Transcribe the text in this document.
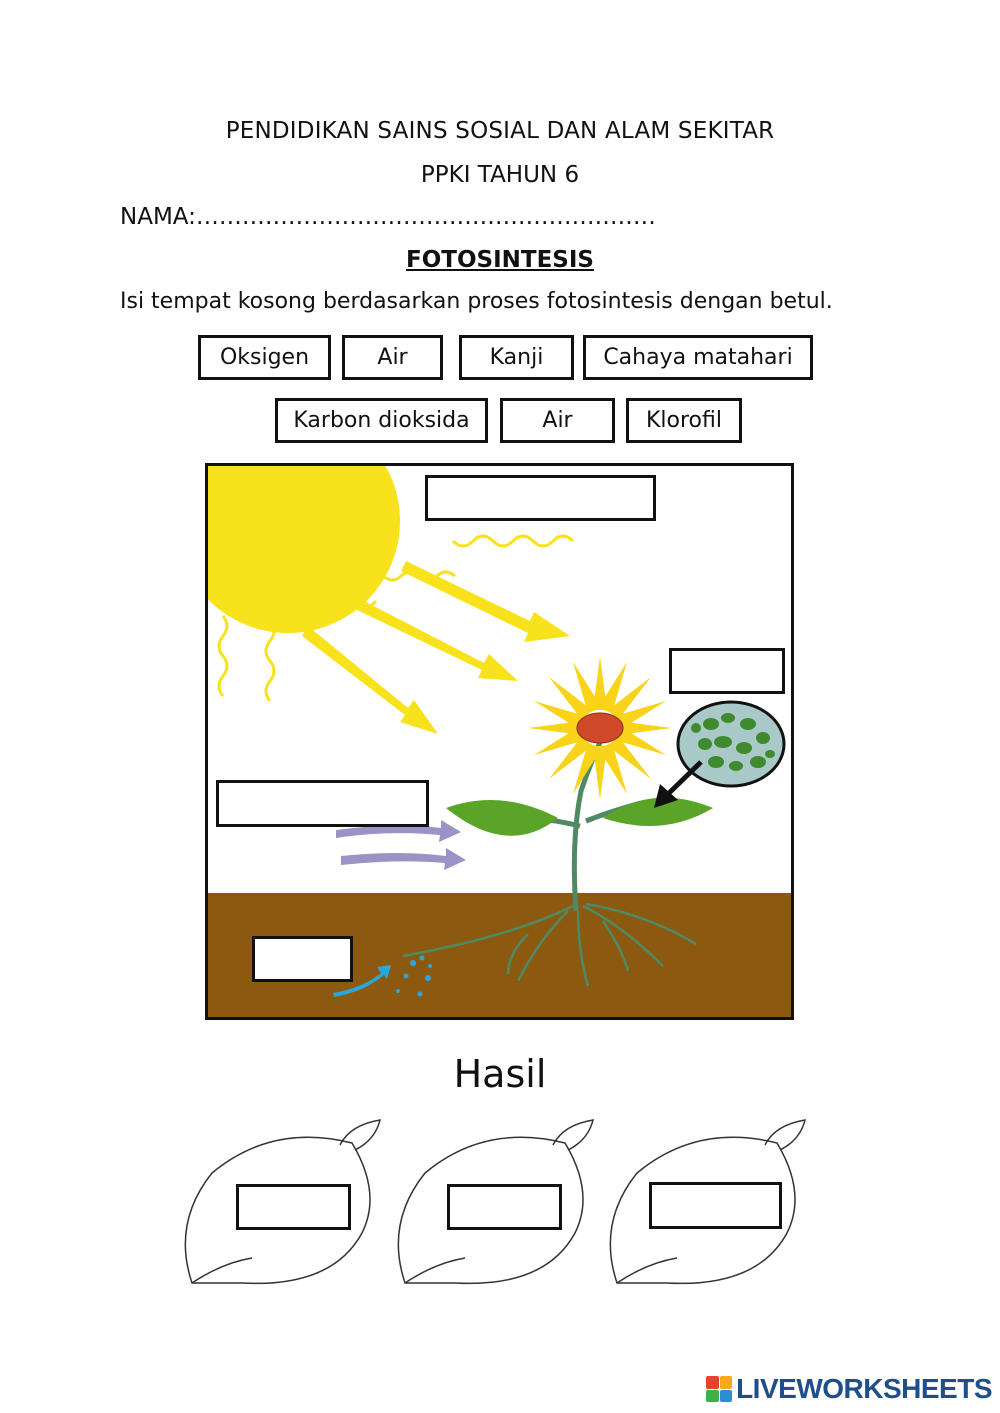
PENDIDIKAN SAINS SOSIAL DAN ALAM SEKITAR
PPKI TAHUN 6
NAMA:……………………………………………………
FOTOSINTESIS
Isi tempat kosong berdasarkan proses fotosintesis dengan betul.
Oksigen	Air	Kanji	Cahaya matahari
Karbon dioksida	Air	Klorofil
Hasil
LIVEWORKSHEETS
